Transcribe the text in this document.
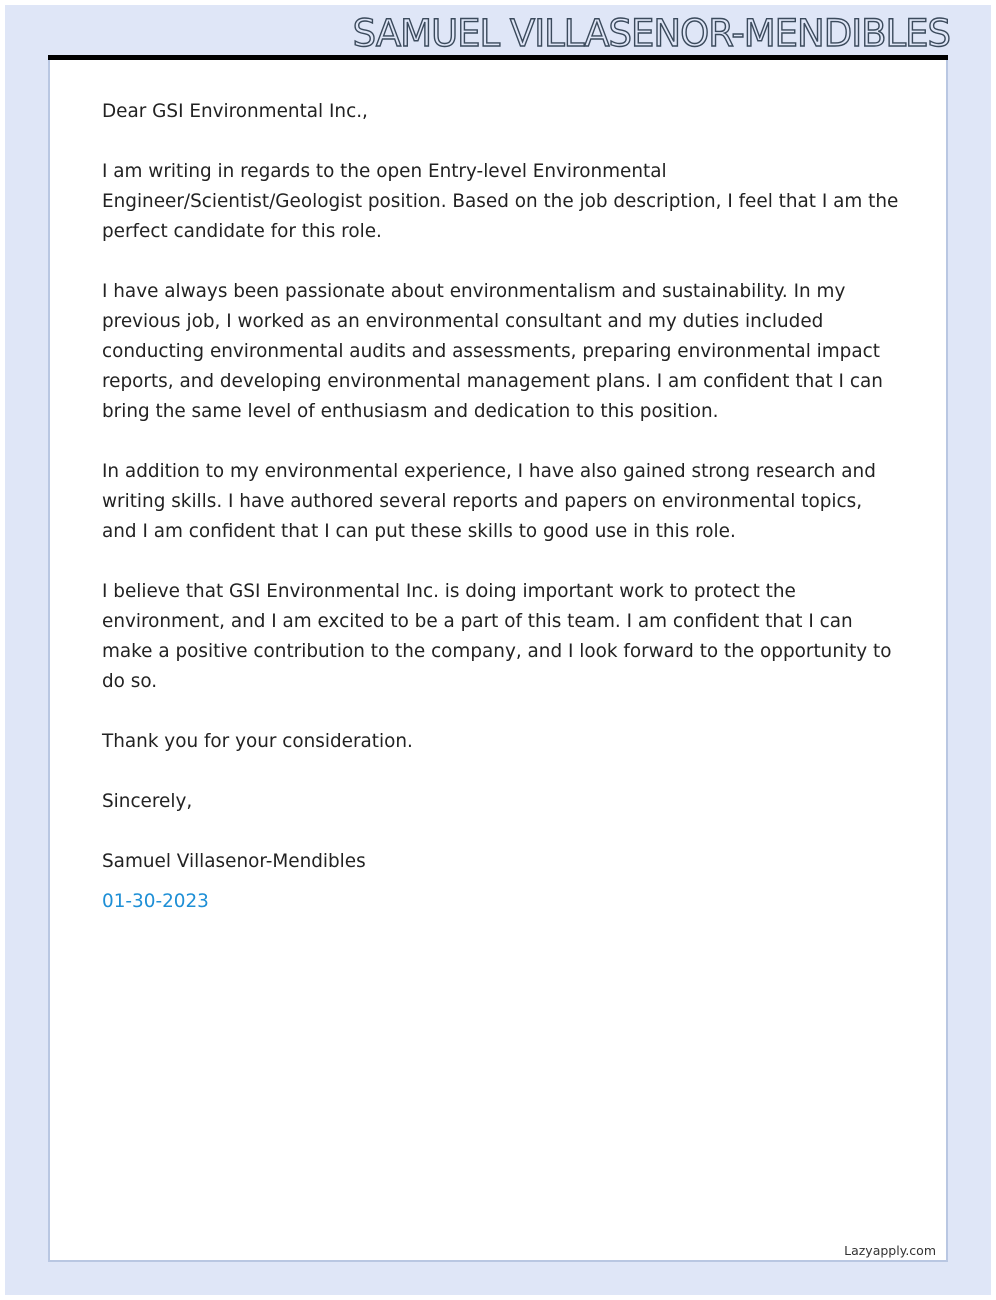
SAMUEL VILLASENOR-MENDIBLES

Dear GSI Environmental Inc.,

I am writing in regards to the open Entry-level Environmental Engineer/Scientist/Geologist position. Based on the job description, I feel that I am the perfect candidate for this role.

I have always been passionate about environmentalism and sustainability. In my previous job, I worked as an environmental consultant and my duties included conducting environmental audits and assessments, preparing environmental impact reports, and developing environmental management plans. I am confident that I can bring the same level of enthusiasm and dedication to this position.

In addition to my environmental experience, I have also gained strong research and writing skills. I have authored several reports and papers on environmental topics, and I am confident that I can put these skills to good use in this role.

I believe that GSI Environmental Inc. is doing important work to protect the environment, and I am excited to be a part of this team. I am confident that I can make a positive contribution to the company, and I look forward to the opportunity to do so.

Thank you for your consideration.

Sincerely,

Samuel Villasenor-Mendibles

01-30-2023

Lazyapply.com
